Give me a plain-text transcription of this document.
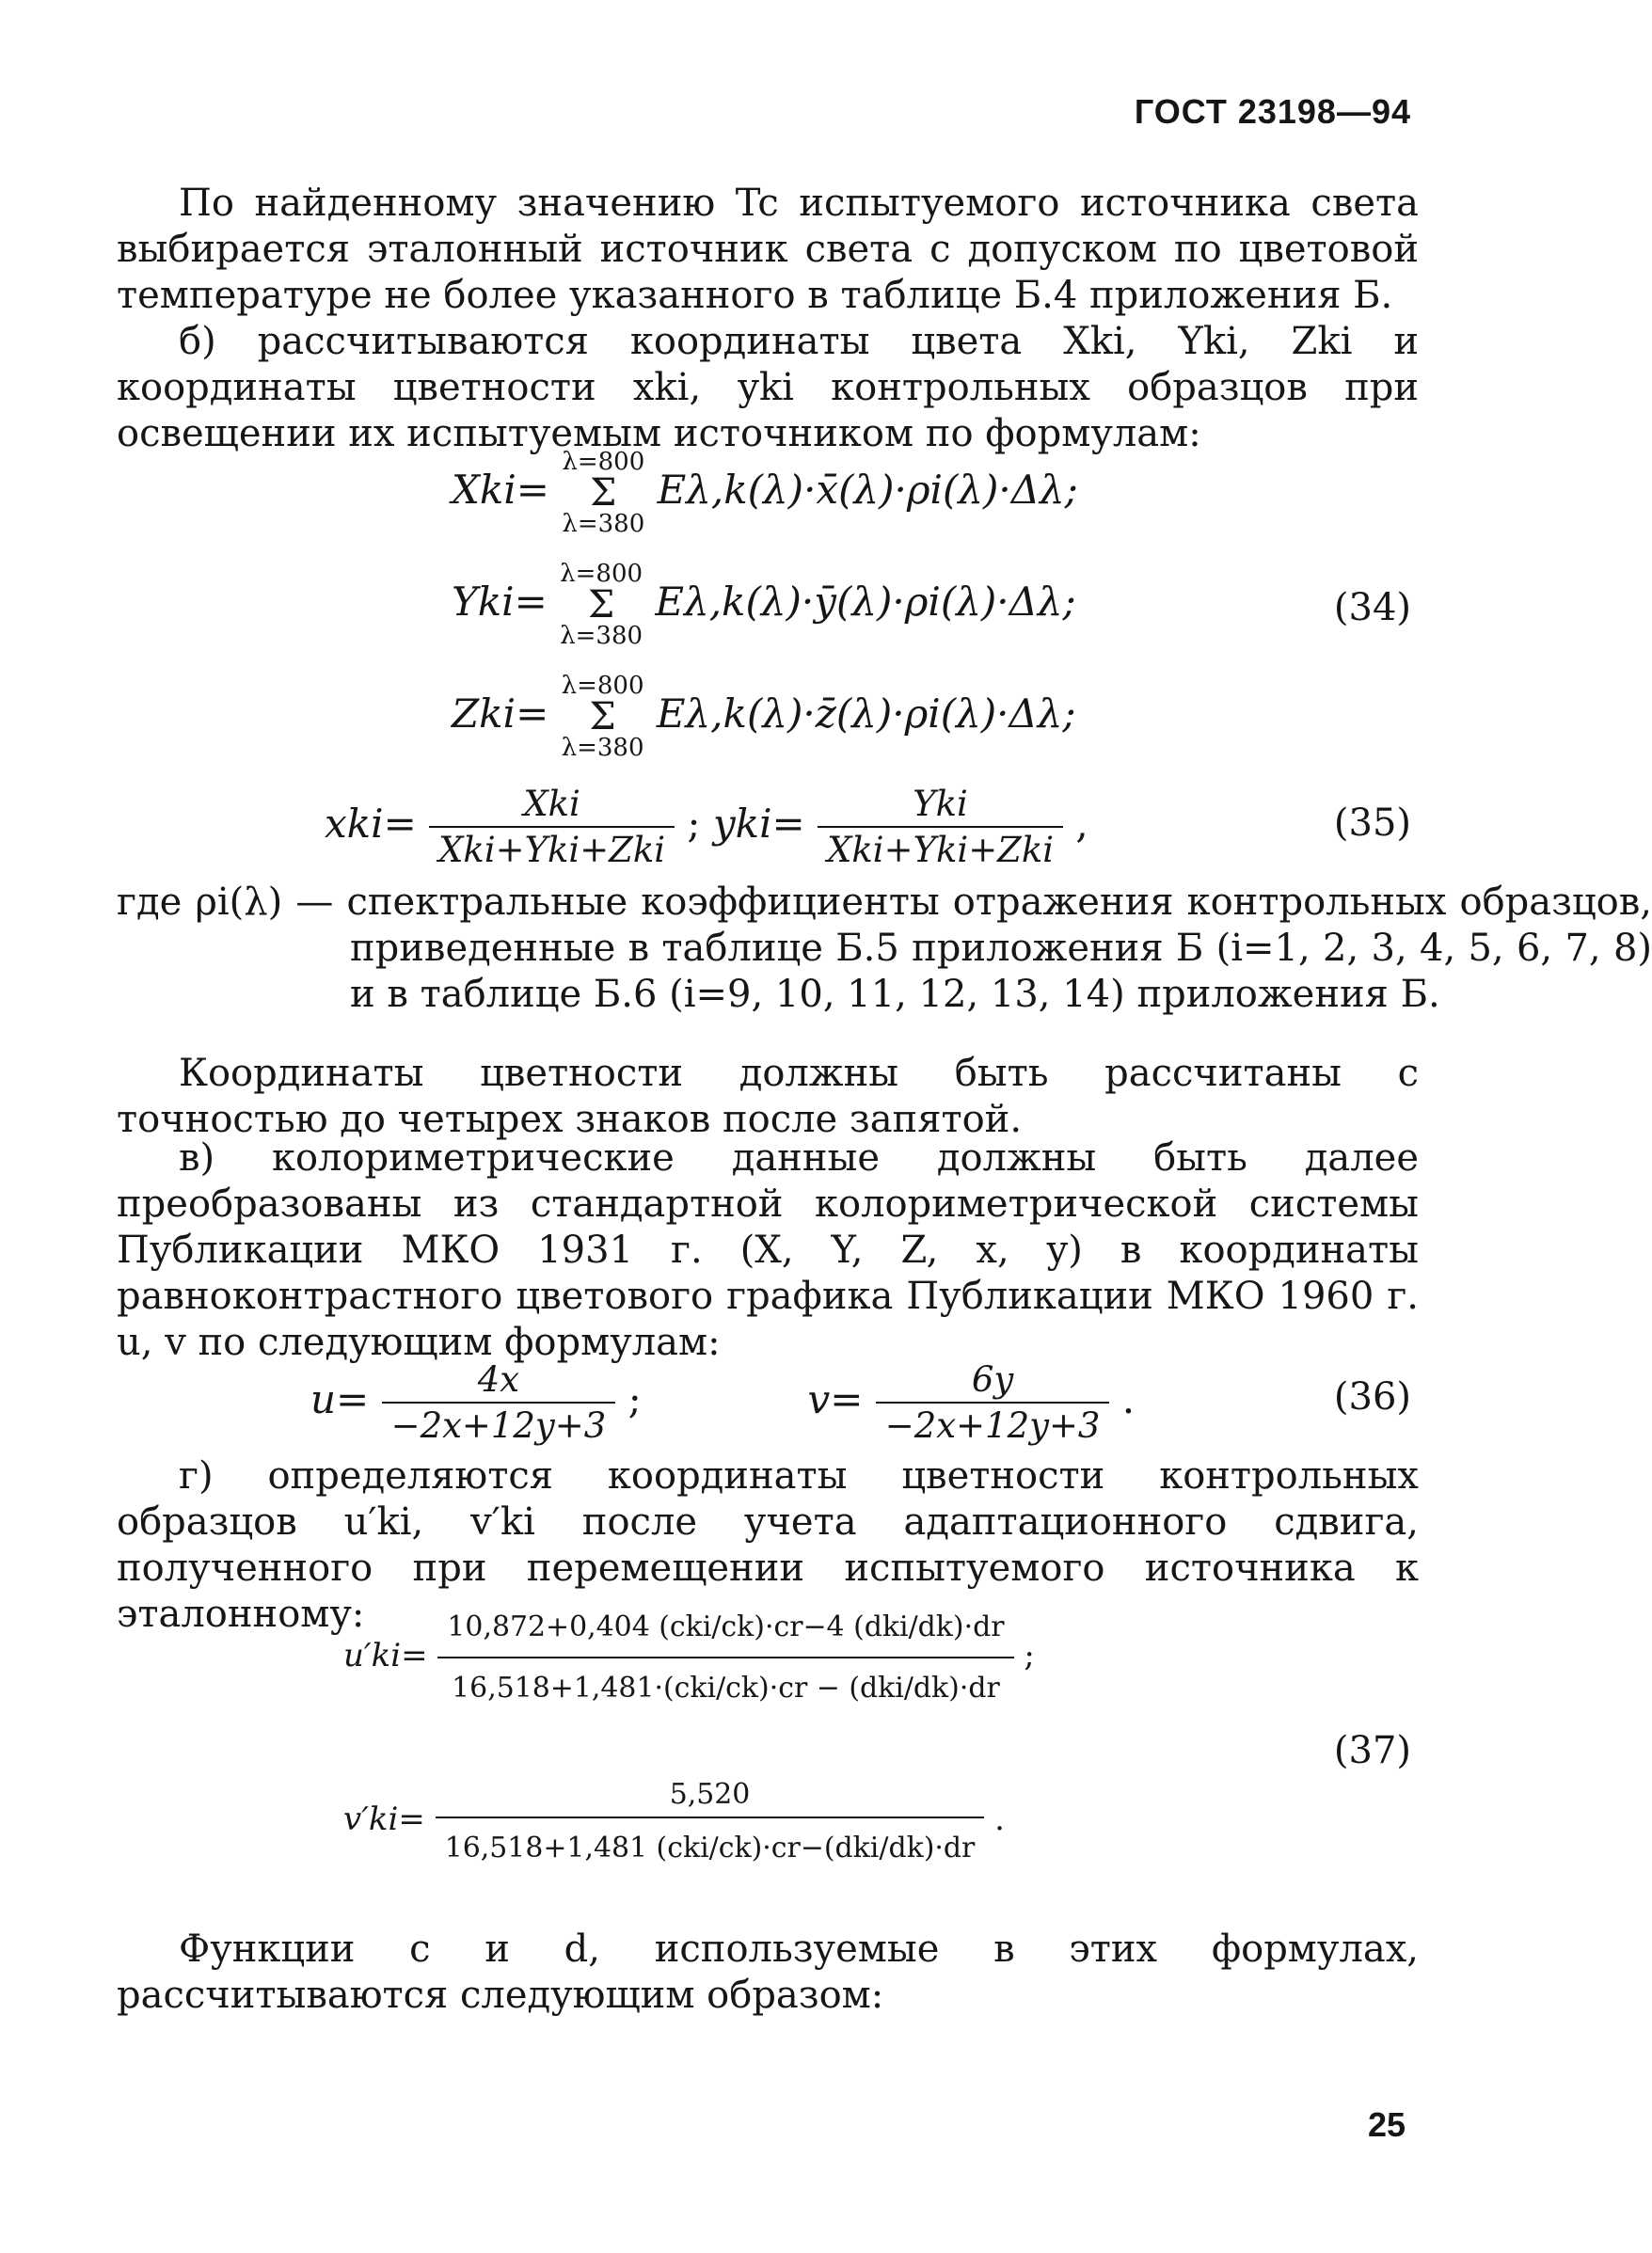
ГОСТ 23198—94

По найденному значению Tc испытуемого источника света выбирается эталонный источник света с допуском по цветовой температуре не более указанного в таблице Б.4 приложения Б.

б) рассчитываются координаты цвета Xki, Yki, Zki и координаты цветности xki, yki контрольных образцов при освещении их испытуемым источником по формулам:

Xki=
λ=800
Σ
λ=380
Eλ,k(λ)·x̄(λ)·ρi(λ)·Δλ;
Yki=
λ=800
Σ
λ=380
Eλ,k(λ)·ȳ(λ)·ρi(λ)·Δλ;
Zki=
λ=800
Σ
λ=380
Eλ,k(λ)·z̄(λ)·ρi(λ)·Δλ;
(34)
$xki= \frac{\text{Xki}}{\text{Xki+Yki+Zki}}$ ; $yki= \frac{\text{Yki}}{\text{Xki+Yki+Zki}}$ ,	(35)

где ρi(λ) — спектральные коэффициенты отражения контрольных образцов, приведенные в таблице Б.5 приложения Б (i=1, 2, 3, 4, 5, 6, 7, 8) и в таблице Б.6 (i=9, 10, 11, 12, 13, 14) приложения Б.

Координаты цветности должны быть рассчитаны с точностью до четырех знаков после запятой.

в) колориметрические данные должны быть далее преобразованы из стандартной колориметрической системы Публикации МКО 1931 г. (X, Y, Z, x, y) в координаты равноконтрастного цветового графика Публикации МКО 1960 г. u, v по следующим формулам:

$u= \frac{4x}{-2x+12y+3}$ ;	$v= \frac{6y}{-2x+12y+3}$ .	(36)

г) определяются координаты цветности контрольных образцов u′ki, v′ki после учета адаптационного сдвига, полученного при перемещении испытуемого источника к эталонному:

$u'ki= \frac{\text{10,872+0,404 (cki/ck)·cr−4 (dki/dk)·dr}}{\text{16,518+1,481·(cki/ck)·cr − (dki/dk)·dr}}$ ;
$v'ki= \frac{5,520}{\text{16,518+1,481 (cki/ck)·cr−(dki/dk)·dr}}$ .
(37)

Функции c и d, используемые в этих формулах, рассчитываются следующим образом:

25
